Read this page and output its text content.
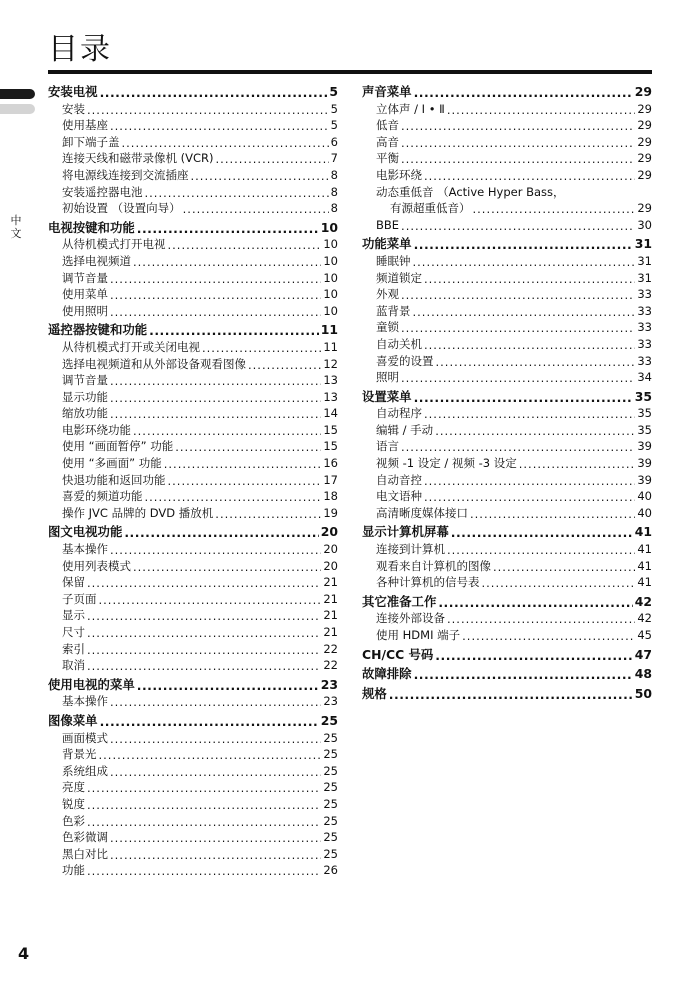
目录
中文
安装电视 .....	5
安装 .....	5
使用基座 .....	5
卸下端子盖 .....	6
连接天线和磁带录像机 (VCR) .....	7
将电源线连接到交流插座 .....	8
安装遥控器电池 .....	8
初始设置 （设置向导） .....	8
电视按键和功能 .....	10
从待机模式打开电视 .....	10
选择电视频道 .....	10
调节音量 .....	10
使用菜单 .....	10
使用照明 .....	10
遥控器按键和功能 .....	11
从待机模式打开或关闭电视 .....	11
选择电视频道和从外部设备观看图像 .....	12
调节音量 .....	13
显示功能 .....	13
缩放功能 .....	14
电影环绕功能 .....	15
使用 “画面暂停” 功能 .....	15
使用 “多画面” 功能 .....	16
快退功能和返回功能 .....	17
喜爱的频道功能 .....	18
操作 JVC 品牌的 DVD 播放机 .....	19
图文电视功能 .....	20
基本操作 .....	20
使用列表模式 .....	20
保留 .....	21
子页面 .....	21
显示 .....	21
尺寸 .....	21
索引 .....	22
取消 .....	22
使用电视的菜单 .....	23
基本操作 .....	23
图像菜单 .....	25
画面模式 .....	25
背景光 .....	25
系统组成 .....	25
亮度 .....	25
锐度 .....	25
色彩 .....	25
色彩微调 .....	25
黑白对比 .....	25
功能 .....	26
声音菜单 .....	29
立体声 / Ⅰ • Ⅱ .....	29
低音 .....	29
高音 .....	29
平衡 .....	29
电影环绕 .....	29
动态重低音 （Active Hyper Bass，
有源超重低音） .....	29
BBE .....	30
功能菜单 .....	31
睡眠钟 .....	31
频道锁定 .....	31
外观 .....	33
蓝背景 .....	33
童锁 .....	33
自动关机 .....	33
喜爱的设置 .....	33
照明 .....	34
设置菜单 .....	35
自动程序 .....	35
编辑 / 手动 .....	35
语言 .....	39
视频 -1 设定 / 视频 -3 设定 .....	39
自动音控 .....	39
电文语种 .....	40
高清晰度媒体接口 .....	40
显示计算机屏幕 .....	41
连接到计算机 .....	41
观看来自计算机的图像 .....	41
各种计算机的信号表 .....	41
其它准备工作 .....	42
连接外部设备 .....	42
使用 HDMI 端子 .....	45
CH/CC 号码 .....	47
故障排除 .....	48
规格 .....	50
4
